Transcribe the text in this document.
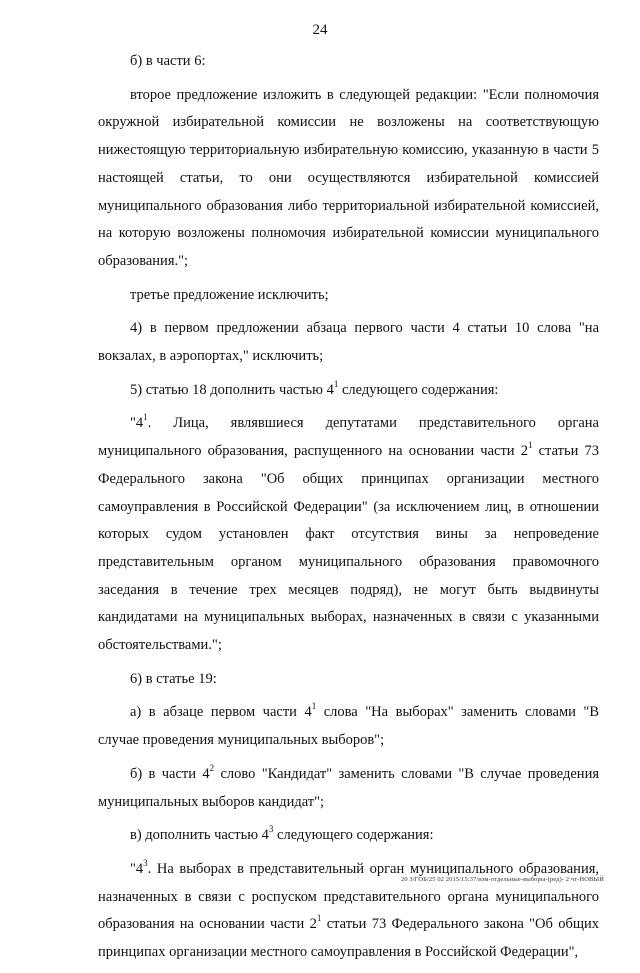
24

б) в части 6:

второе предложение изложить в следующей редакции: "Если полномочия окружной избирательной комиссии не возложены на соответствующую нижестоящую территориальную избирательную комиссию, указанную в части 5 настоящей статьи, то они осуществляются избирательной комиссией муниципального образования либо территориальной избирательной комиссией, на которую возложены полномочия избирательной комиссии муниципального образования.";

третье предложение исключить;

4) в первом предложении абзаца первого части 4 статьи 10 слова "на вокзалах, в аэропортах," исключить;

5) статью 18 дополнить частью $4^1$ следующего содержания:

"$4^1$. Лица, являвшиеся депутатами представительного органа муниципального образования, распущенного на основании части $2^1$ статьи 73 Федерального закона "Об общих принципах организации местного самоуправления в Российской Федерации" (за исключением лиц, в отношении которых судом установлен факт отсутствия вины за непроведение представительным органом муниципального образования правомочного заседания в течение трех месяцев подряд), не могут быть выдвинуты кандидатами на муниципальных выборах, назначенных в связи с указанными обстоятельствами.";

6) в статье 19:

а) в абзаце первом части $4^1$ слова "На выборах" заменить словами "В случае проведения муниципальных выборов";

б) в части $4^2$ слово "Кандидат" заменить словами "В случае проведения муниципальных выборов кандидат";

в) дополнить частью $4^3$ следующего содержания:

"$4^3$. На выборах в представительный орган муниципального образования, назначенных в связи с роспуском представительного органа муниципального образования на основании части $2^1$ статьи 73 Федерального закона "Об общих принципах организации местного самоуправления в Российской Федерации",

20 З/ГОБ/25 02 2015/15:37/изм-отдельные-выборы-(ред)- 2 чт-НОВЫЙ
